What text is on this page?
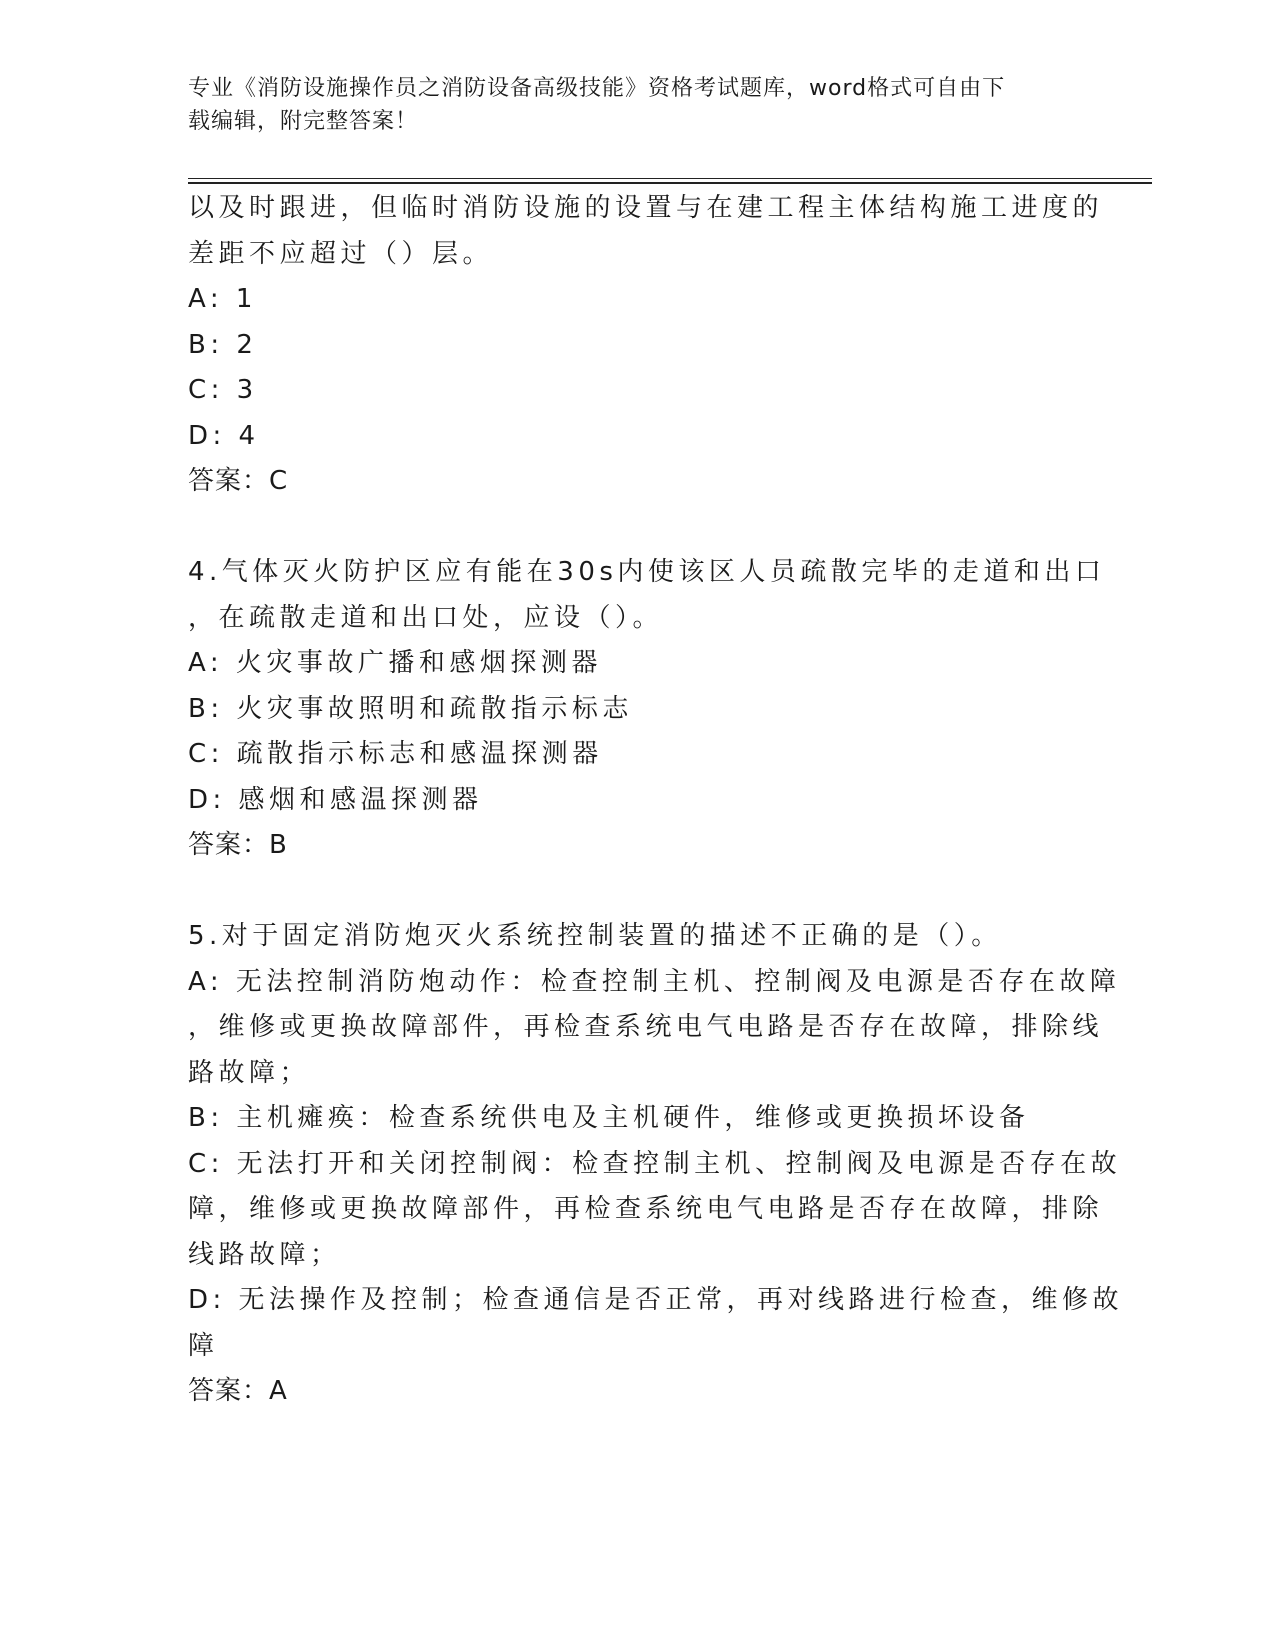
专业《消防设施操作员之消防设备高级技能》资格考试题库，word格式可自由下
载编辑，附完整答案！
以及时跟进，但临时消防设施的设置与在建工程主体结构施工进度的
差距不应超过（）层。
A: 1
B: 2
C: 3
D: 4
答案：C
4.气体灭火防护区应有能在30s内使该区人员疏散完毕的走道和出口
，在疏散走道和出口处，应设（）。
A: 火灾事故广播和感烟探测器
B: 火灾事故照明和疏散指示标志
C: 疏散指示标志和感温探测器
D: 感烟和感温探测器
答案：B
5.对于固定消防炮灭火系统控制装置的描述不正确的是（）。
A: 无法控制消防炮动作：检查控制主机、控制阀及电源是否存在故障
，维修或更换故障部件，再检查系统电气电路是否存在故障，排除线
路故障；
B: 主机瘫痪：检查系统供电及主机硬件，维修或更换损坏设备
C: 无法打开和关闭控制阀：检查控制主机、控制阀及电源是否存在故
障，维修或更换故障部件，再检查系统电气电路是否存在故障，排除
线路故障；
D: 无法操作及控制；检查通信是否正常，再对线路进行检查，维修故
障
答案：A
